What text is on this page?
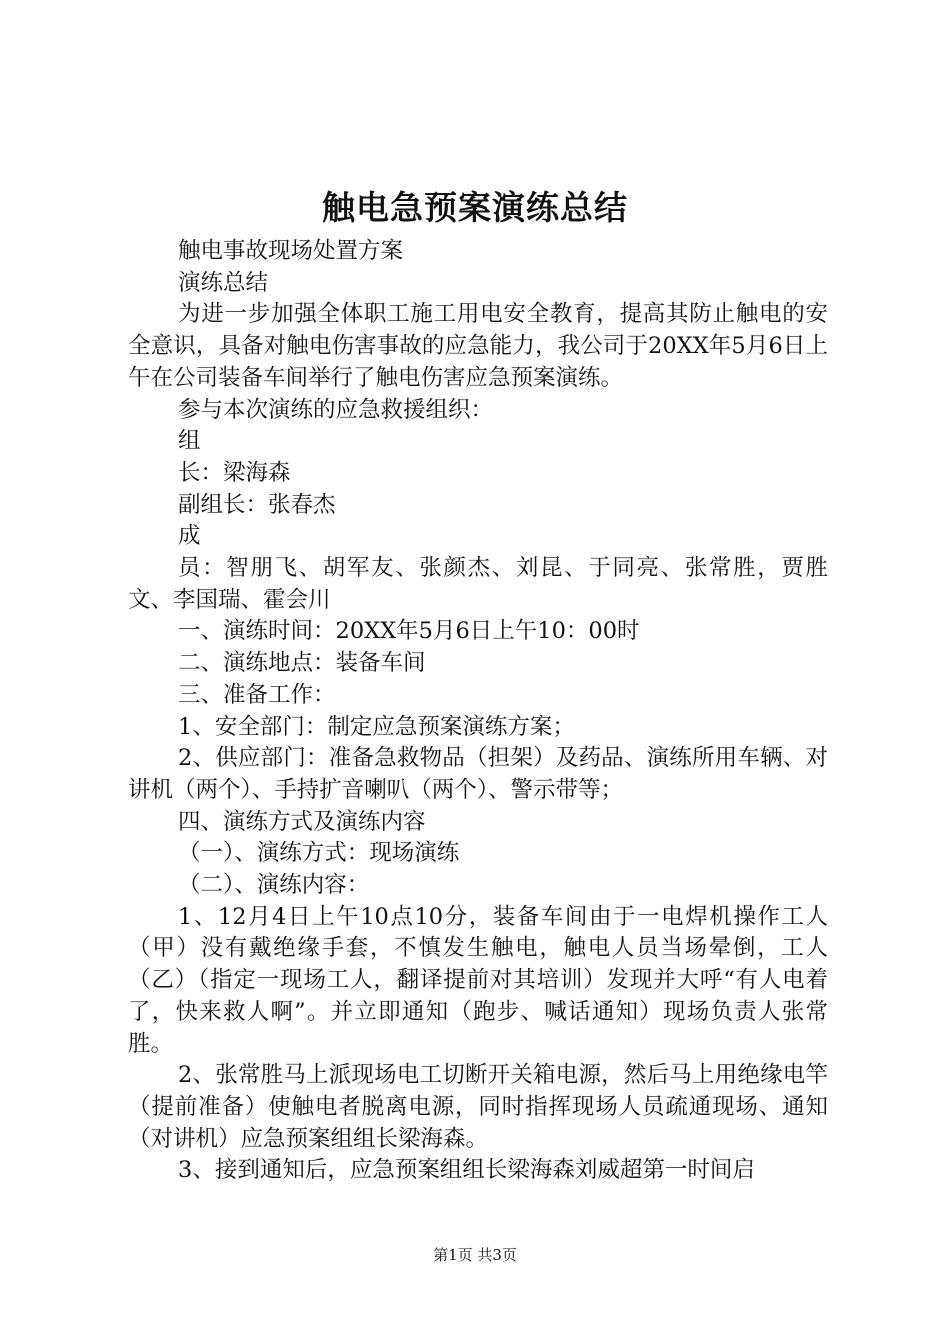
触电急预案演练总结

触电事故现场处置方案

演练总结

为进一步加强全体职工施工用电安全教育，提高其防止触电的安全意识，具备对触电伤害事故的应急能力，我公司于20XX年5月6日上午在公司装备车间举行了触电伤害应急预案演练。

参与本次演练的应急救援组织：

组

长：梁海森

副组长：张春杰

成

员：智朋飞、胡军友、张颜杰、刘昆、于同亮、张常胜，贾胜文、李国瑞、霍会川

一、演练时间：20XX年5月6日上午10：00时

二、演练地点：装备车间

三、准备工作：

1、安全部门：制定应急预案演练方案；

2、供应部门：准备急救物品（担架）及药品、演练所用车辆、对讲机（两个）、手持扩音喇叭（两个）、警示带等；

四、演练方式及演练内容

（一）、演练方式：现场演练

（二）、演练内容：

1、12月4日上午10点10分，装备车间由于一电焊机操作工人（甲）没有戴绝缘手套，不慎发生触电，触电人员当场晕倒，工人（乙）（指定一现场工人，翻译提前对其培训）发现并大呼“有人电着了，快来救人啊”。并立即通知（跑步、喊话通知）现场负责人张常胜。

2、张常胜马上派现场电工切断开关箱电源，然后马上用绝缘电竿（提前准备）使触电者脱离电源，同时指挥现场人员疏通现场、通知（对讲机）应急预案组组长梁海森。

3、接到通知后，应急预案组组长梁海森刘威超第一时间启

第1页 共3页
